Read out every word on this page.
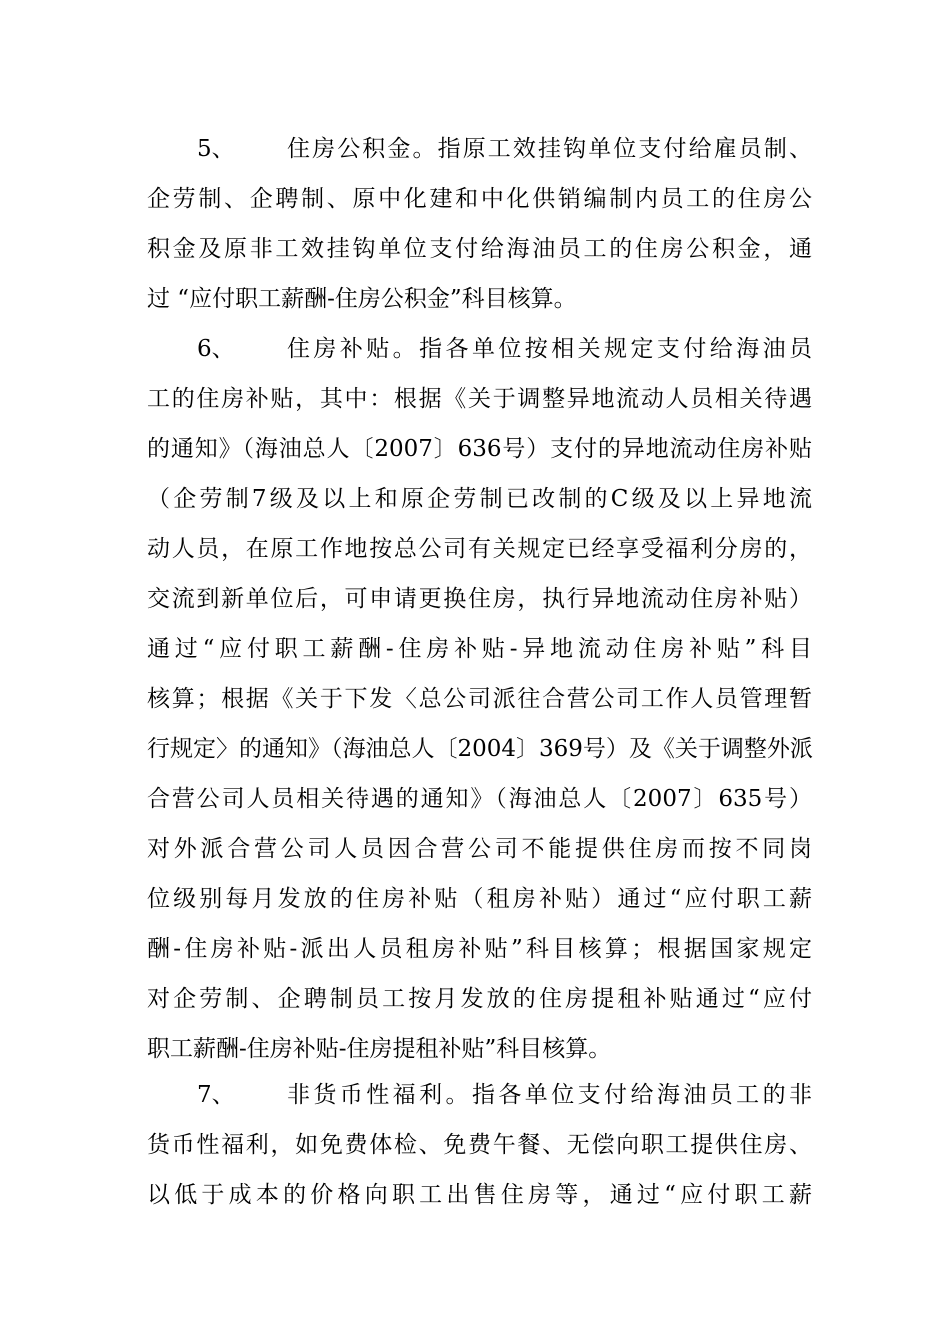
5、	住房公积金。指原工效挂钩单位支付给雇员制、
企劳制、企聘制、原中化建和中化供销编制内员工的住房公
积金及原非工效挂钩单位支付给海油员工的住房公积金，通
过 “应付职工薪酬-住房公积金”科目核算。
6、	住房补贴。指各单位按相关规定支付给海油员
工的住房补贴，其中：根据《关于调整异地流动人员相关待遇
的通知》（海油总人〔2007〕636号）支付的异地流动住房补贴
（企劳制7级及以上和原企劳制已改制的C级及以上异地流
动人员，在原工作地按总公司有关规定已经享受福利分房的，
交流到新单位后，可申请更换住房，执行异地流动住房补贴）
通过“应付职工薪酬-住房补贴-异地流动住房补贴”科目
核算；根据《关于下发〈总公司派往合营公司工作人员管理暂
行规定〉的通知》（海油总人〔2004〕369号）及《关于调整外派
合营公司人员相关待遇的通知》（海油总人〔2007〕635号）
对外派合营公司人员因合营公司不能提供住房而按不同岗
位级别每月发放的住房补贴（租房补贴）通过“应付职工薪
酬-住房补贴-派出人员租房补贴”科目核算；根据国家规定
对企劳制、企聘制员工按月发放的住房提租补贴通过“应付
职工薪酬-住房补贴-住房提租补贴”科目核算。
7、	非货币性福利。指各单位支付给海油员工的非
货币性福利，如免费体检、免费午餐、无偿向职工提供住房、
以低于成本的价格向职工出售住房等，通过“应付职工薪
